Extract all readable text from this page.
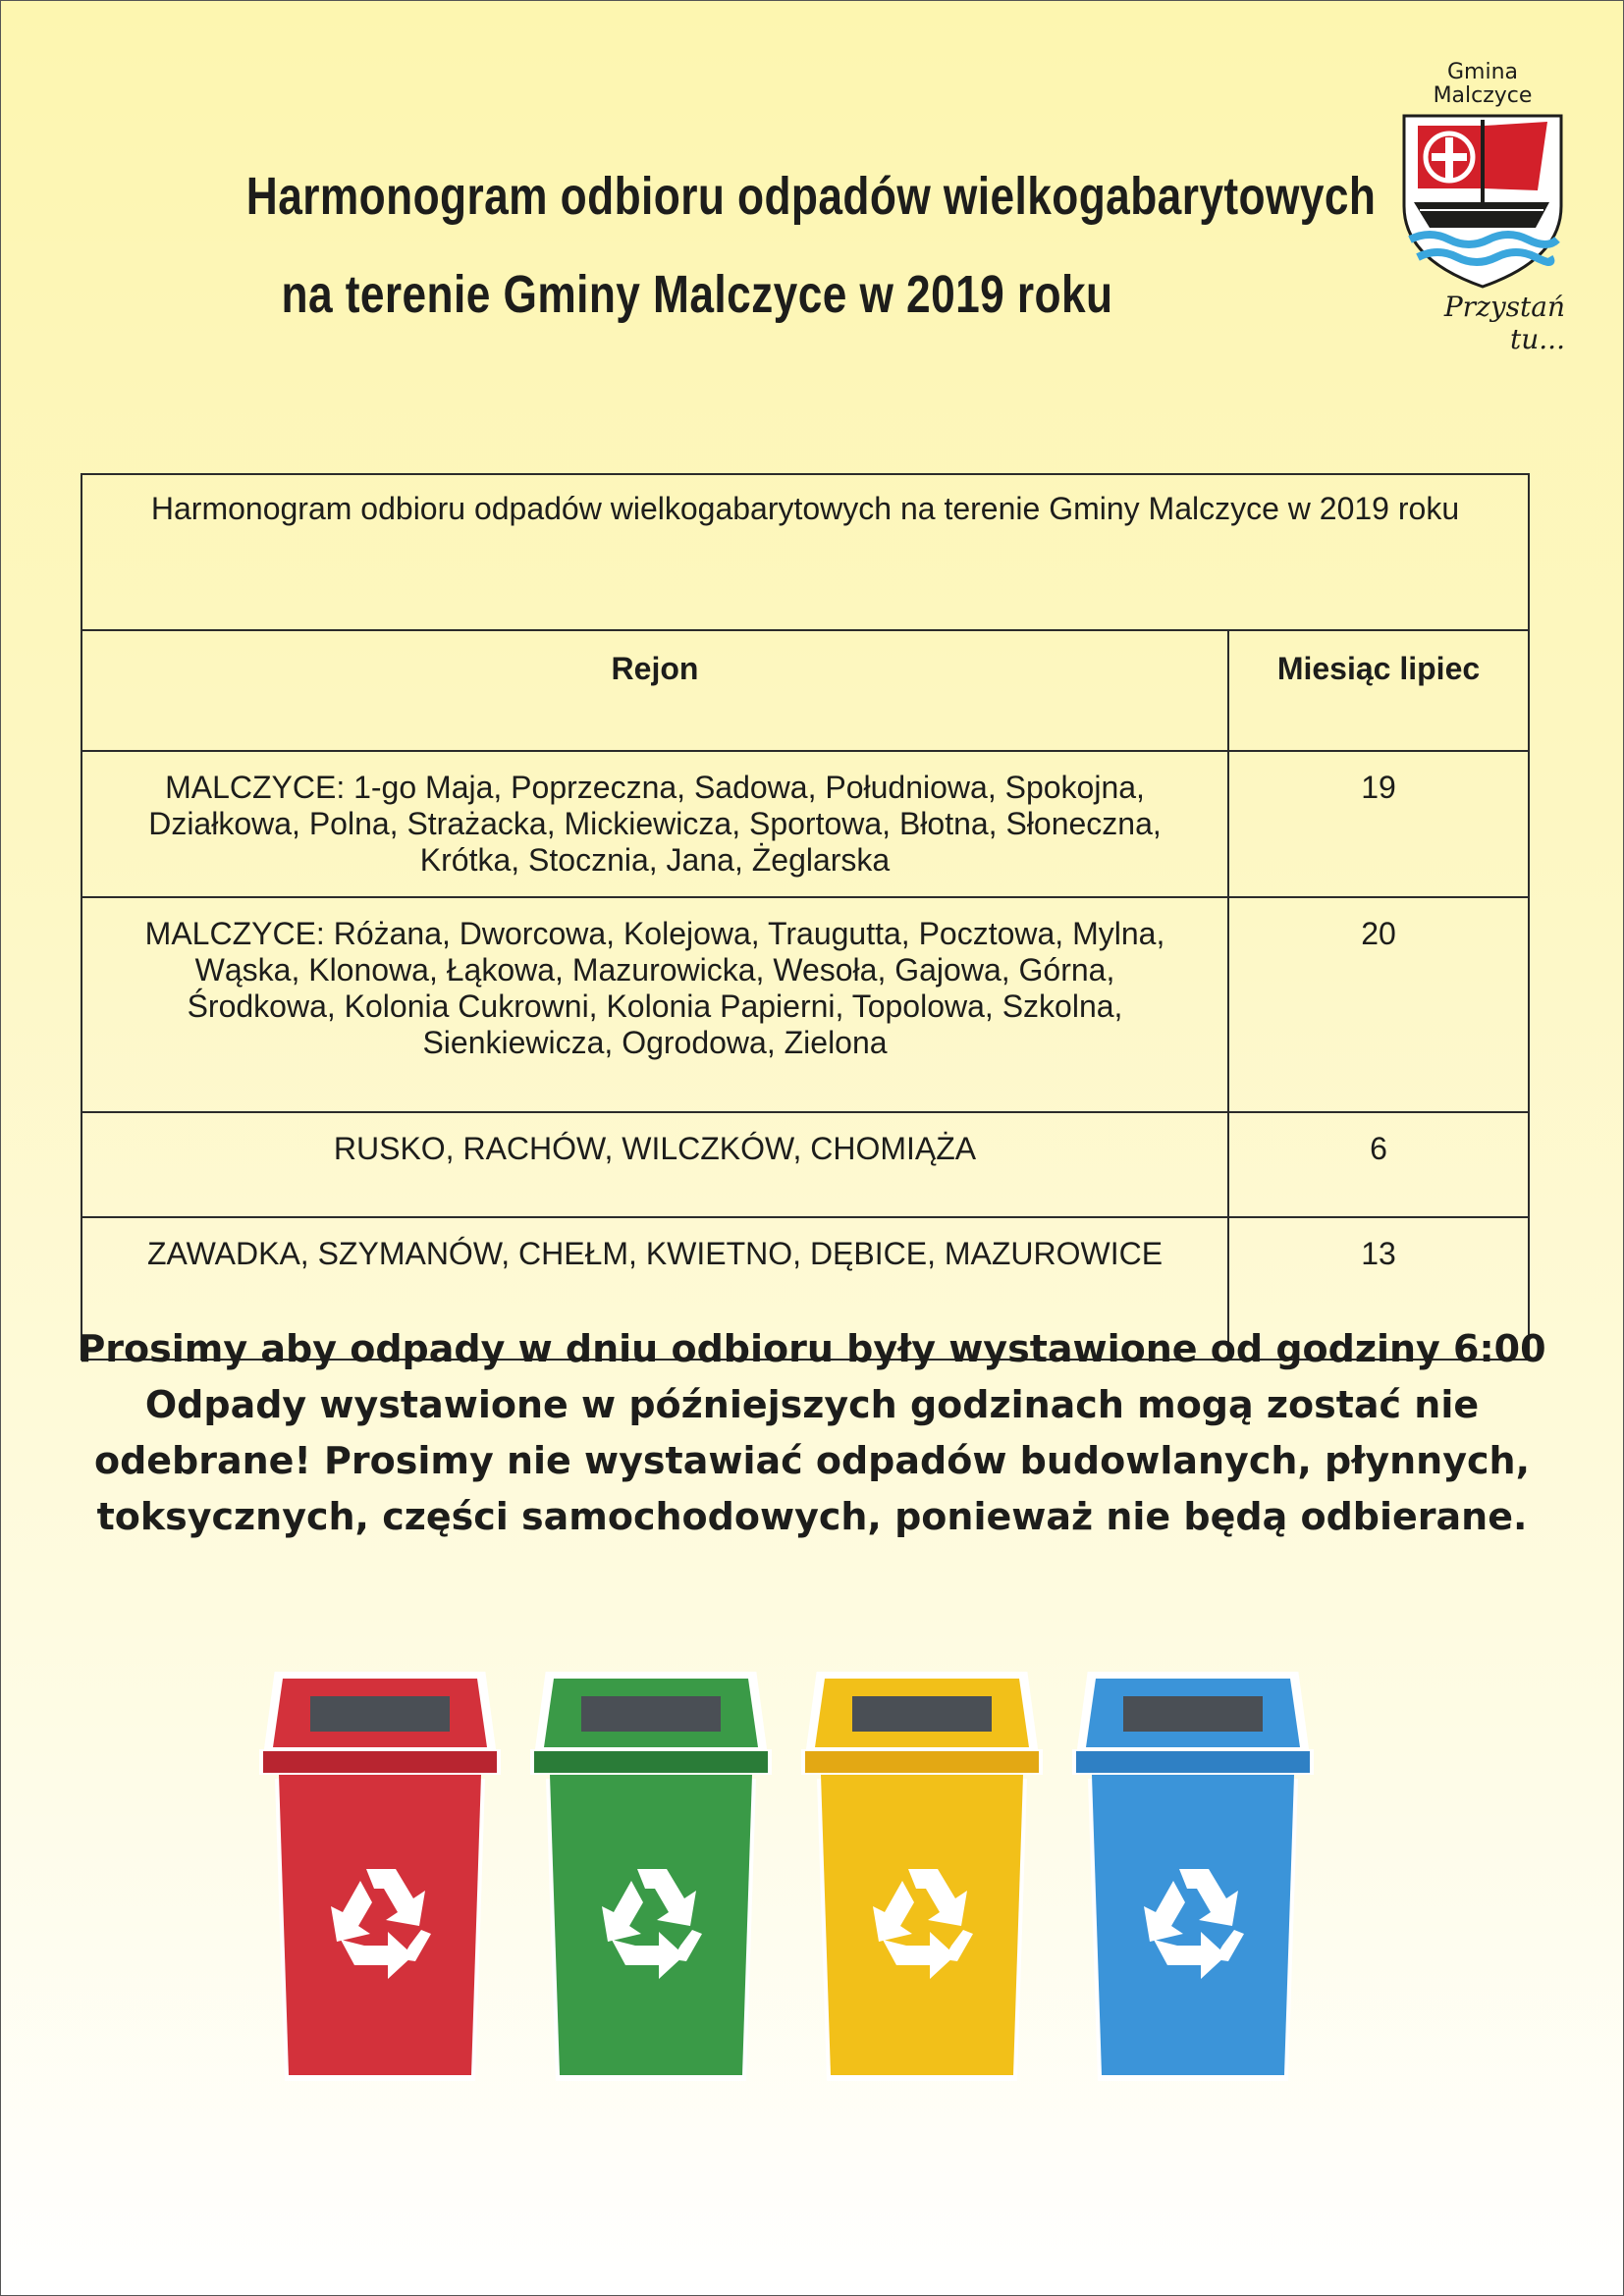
Harmonogram odbioru odpadów wielkogabarytowych
na terenie Gminy Malczyce w 2019 roku
Gmina
Malczyce
Przystań tu...
Harmonogram odbioru odpadów wielkogabarytowych na terenie Gminy Malczyce w 2019 roku	
Rejon	Miesiąc lipiec

MALCZYCE: 1-go Maja, Poprzeczna, Sadowa, Południowa, Spokojna,
Działkowa, Polna, Strażacka, Mickiewicza, Sportowa, Błotna, Słoneczna,
Krótka, Stocznia, Jana, Żeglarska	19

MALCZYCE: Różana, Dworcowa, Kolejowa, Traugutta, Pocztowa, Mylna,
Wąska, Klonowa, Łąkowa, Mazurowicka, Wesoła, Gajowa, Górna,
Środkowa, Kolonia Cukrowni, Kolonia Papierni, Topolowa, Szkolna,
Sienkiewicza, Ogrodowa, Zielona	20

RUSKO, RACHÓW, WILCZKÓW, CHOMIĄŻA	6

ZAWADKA, SZYMANÓW, CHEŁM, KWIETNO, DĘBICE, MAZUROWICE	13
Prosimy aby odpady w dniu odbioru były wystawione od godziny 6:00
Odpady wystawione w późniejszych godzinach mogą zostać nie
odebrane! Prosimy nie wystawiać odpadów budowlanych, płynnych,
toksycznych, części samochodowych, ponieważ nie będą odbierane.
